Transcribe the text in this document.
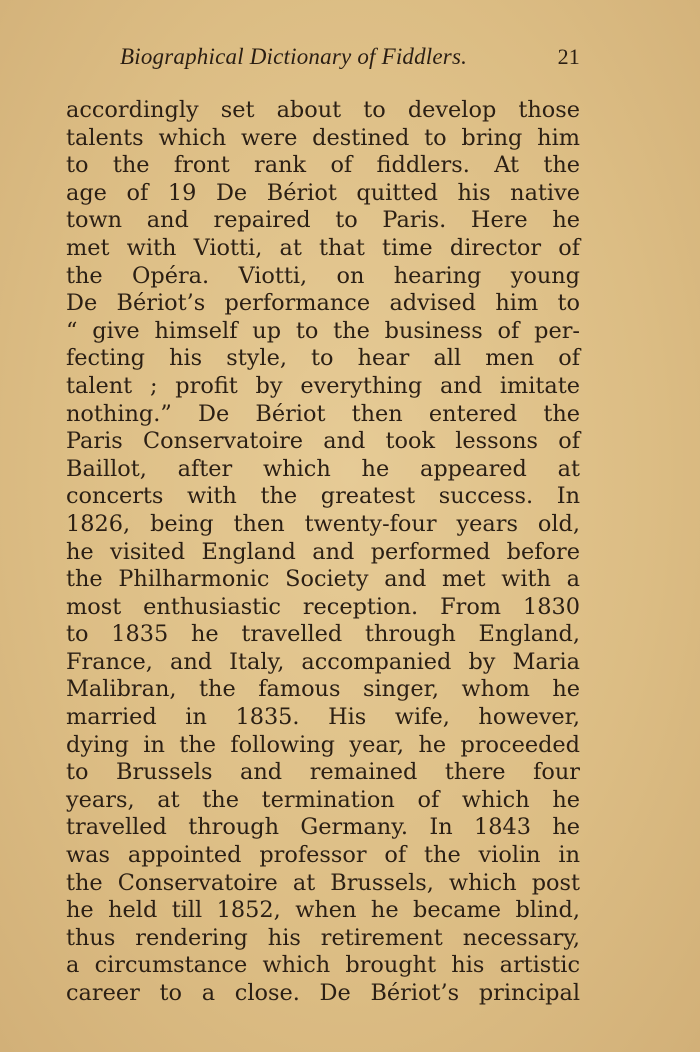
Biographical Dictionary of Fiddlers.	21
accordingly set about to develop those
talents which were destined to bring him
to the front rank of fiddlers. At the
age of 19 De Bériot quitted his native
town and repaired to Paris. Here he
met with Viotti, at that time director of
the Opéra. Viotti, on hearing young
De Bériot’s performance advised him to
“ give himself up to the business of per-
fecting his style, to hear all men of
talent ; profit by everything and imitate
nothing.” De Bériot then entered the
Paris Conservatoire and took lessons of
Baillot, after which he appeared at
concerts with the greatest success. In
1826, being then twenty-four years old,
he visited England and performed before
the Philharmonic Society and met with a
most enthusiastic reception. From 1830
to 1835 he travelled through England,
France, and Italy, accompanied by Maria
Malibran, the famous singer, whom he
married in 1835. His wife, however,
dying in the following year, he proceeded
to Brussels and remained there four
years, at the termination of which he
travelled through Germany. In 1843 he
was appointed professor of the violin in
the Conservatoire at Brussels, which post
he held till 1852, when he became blind,
thus rendering his retirement necessary,
a circumstance which brought his artistic
career to a close. De Bériot’s principal
